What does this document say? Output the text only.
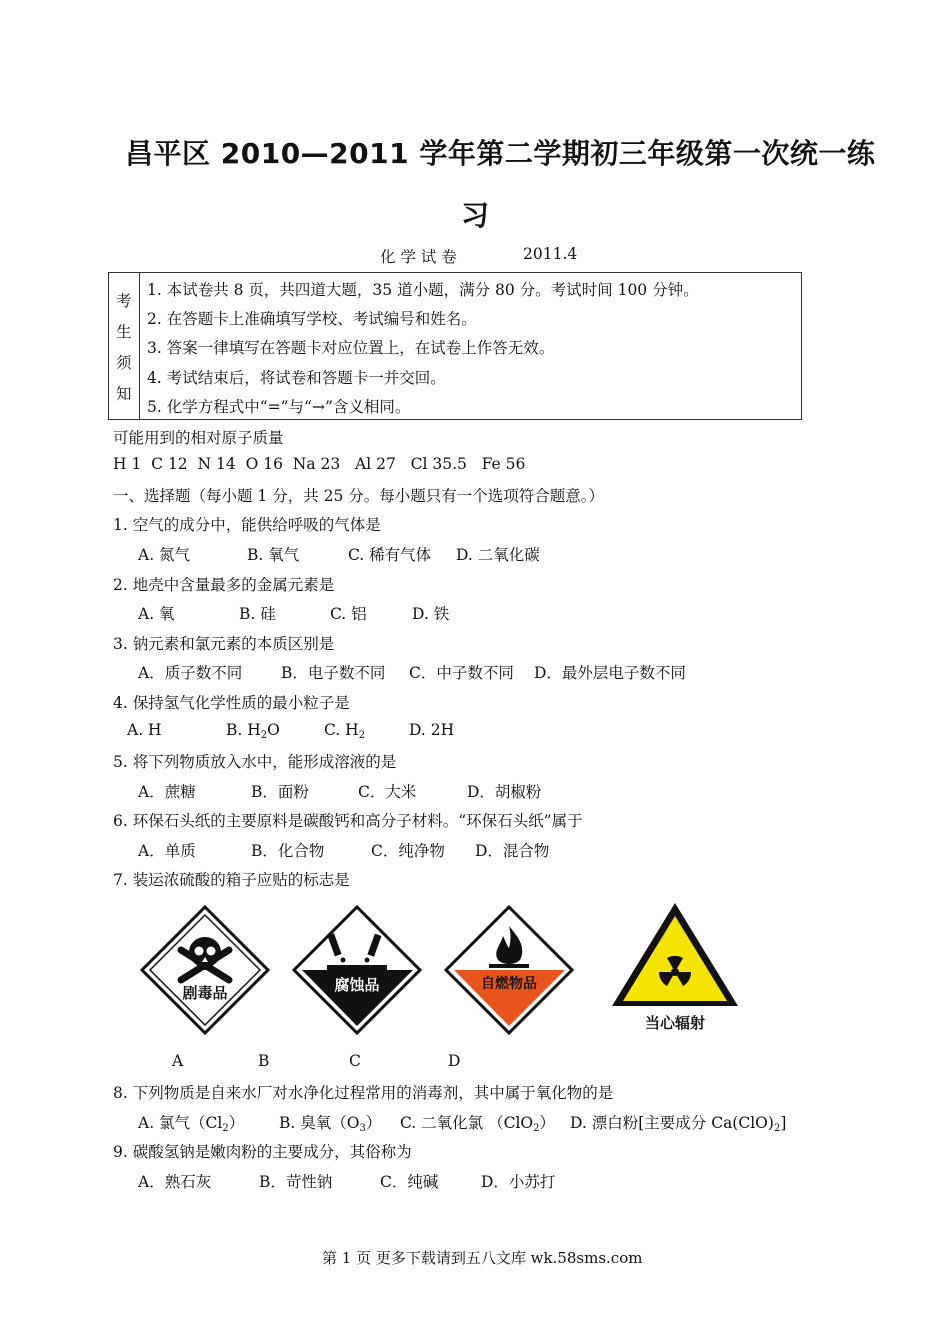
昌平区 2010—2011 学年第二学期初三年级第一次统一练
习
化 学 试 卷	2011.4
考
生
须
知
1. 本试卷共 8 页，共四道大题，35 道小题，满分 80 分。考试时间 100 分钟。
2. 在答题卡上准确填写学校、考试编号和姓名。
3. 答案一律填写在答题卡对应位置上，在试卷上作答无效。
4. 考试结束后，将试卷和答题卡一并交回。
5. 化学方程式中“=”与“→”含义相同。
可能用到的相对原子质量
H 1  C 12  N 14  O 16  Na 23   Al 27   Cl 35.5   Fe 56
一、选择题（每小题 1 分，共 25 分。每小题只有一个选项符合题意。）
1. 空气的成分中，能供给呼吸的气体是
A. 氮气	B. 氧气	C. 稀有气体 D. 二氧化碳
2. 地壳中含量最多的金属元素是
A. 氧	B. 硅	C. 铝	D. 铁
3. 钠元素和氯元素的本质区别是
A．质子数不同	B．电子数不同 C．中子数不同 D．最外层电子数不同
4. 保持氢气化学性质的最小粒子是
A. H	B. $H_2O$	C. $H_2$	D. 2H
5. 将下列物质放入水中，能形成溶液的是
A．蔗糖	B．面粉	C．大米	D．胡椒粉
6. 环保石头纸的主要原料是碳酸钙和高分子材料。“环保石头纸”属于
A．单质	B．化合物	C．纯净物 D．混合物
7. 装运浓硫酸的箱子应贴的标志是
剧毒品	腐蚀品	自燃物品
当心辐射
A	B	C	D
8. 下列物质是自来水厂对水净化过程常用的消毒剂，其中属于氧化物的是
A. 氯气$(Cl_2)$ B. 臭氧$(O_3)$ C. 二氧化氯 （ClO$_2$） D. 漂白粉[主要成分 $Ca(ClO)_2$]
9. 碳酸氢钠是嫩肉粉的主要成分，其俗称为
A．熟石灰	B．苛性钠	C．纯碱	D．小苏打
第 1 页 更多下载请到五八文库 wk.58sms.com
